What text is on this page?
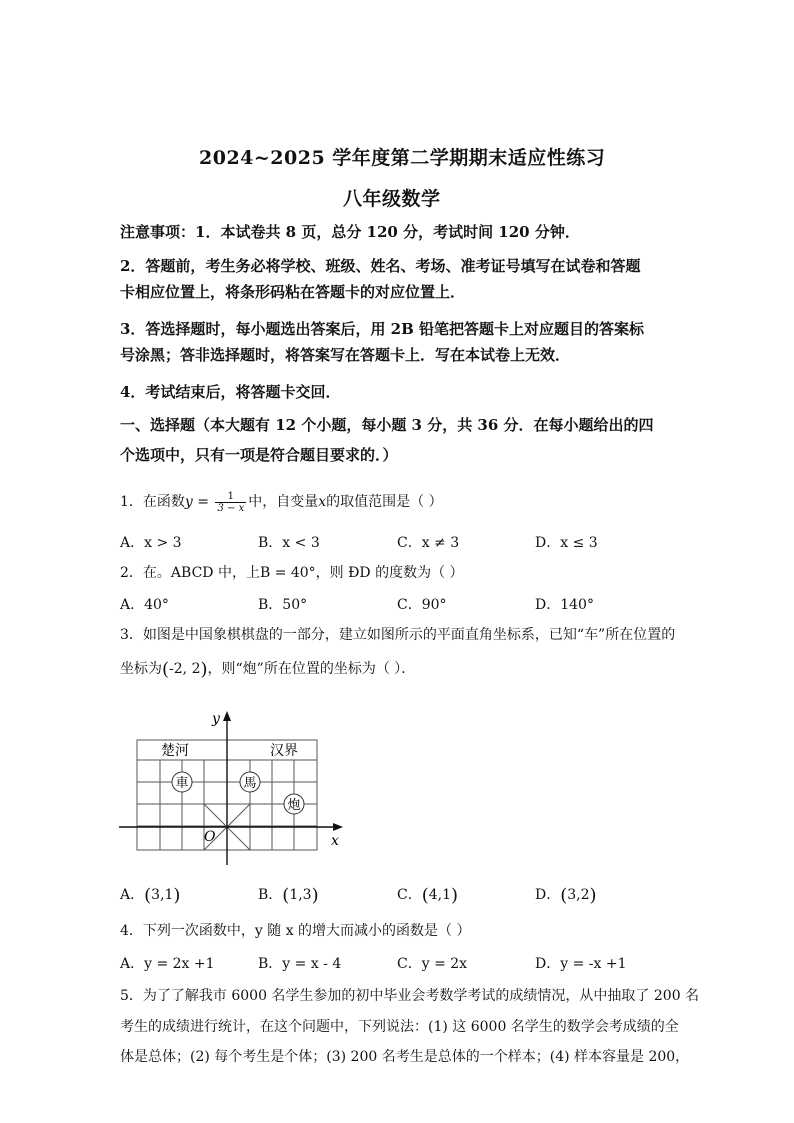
2024~2025 学年度第二学期期末适应性练习
八年级数学
注意事项：1．本试卷共 8 页，总分 120 分，考试时间 120 分钟．
2．答题前，考生务必将学校、班级、姓名、考场、准考证号填写在试卷和答题
卡相应位置上，将条形码粘在答题卡的对应位置上．
3．答选择题时，每小题选出答案后，用 2B 铅笔把答题卡上对应题目的答案标
号涂黑；答非选择题时，将答案写在答题卡上．写在本试卷上无效．
4．考试结束后，将答题卡交回．
一、选择题（本大题有 12 个小题，每小题 3 分，共 36 分．在每小题给出的四
个选项中，只有一项是符合题目要求的．）
1．在函数$y = \frac{1}{3 - x}$ 中，自变量x的取值范围是（ ）
A．x > 3	B．x < 3	C．x ≠ 3	D．x ≤ 3
2．在。ABCD 中，上B = 40°，则 ÐD 的度数为（ ）
A．40°	B．50°	C．90°	D．140°
3．如图是中国象棋棋盘的一部分，建立如图所示的平面直角坐标系，已知“车”所在位置的
坐标为(-2, 2)，则“炮”所在位置的坐标为（ ）．
y
x
O
楚河	汉界
車	馬
炮
A．(3,1)	B．(1,3)	C．(4,1)	D．(3,2)
4．下列一次函数中，y 随 x 的增大而减小的函数是（ ）
A．y = 2x +1	B．y = x - 4	C．y = 2x	D．y = -x +1
5．为了了解我市 6000 名学生参加的初中毕业会考数学考试的成绩情况，从中抽取了 200 名
考生的成绩进行统计，在这个问题中，下列说法：(1) 这 6000 名学生的数学会考成绩的全
体是总体；(2) 每个考生是个体；(3) 200 名考生是总体的一个样本；(4) 样本容量是 200，
